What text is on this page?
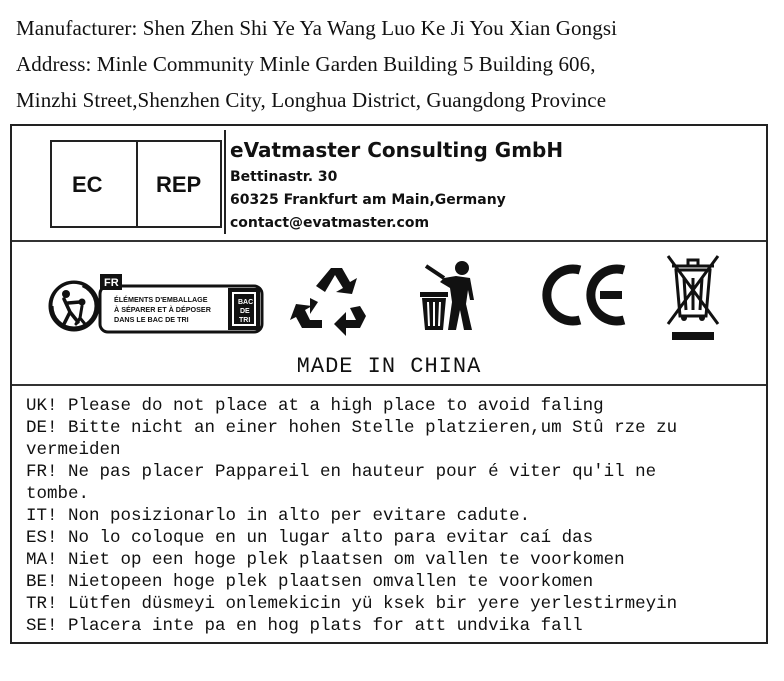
Manufacturer: Shen Zhen Shi Ye Ya Wang Luo Ke Ji You Xian Gongsi
Address: Minle Community Minle Garden Building 5 Building 606,
Minzhi Street,Shenzhen City, Longhua District, Guangdong Province
EC REP
eVatmaster Consulting GmbH
Bettinastr. 30
60325 Frankfurt am Main,Germany
contact@evatmaster.com
FR
ÉLÉMENTS D'EMBALLAGE
À SÉPARER ET À DÉPOSER
DANS LE BAC DE TRI
BAC
DE
TRI
MADE IN CHINA
UK! Please do not place at a high place to avoid faling
DE! Bitte nicht an einer hohen Stelle platzieren,um Stû rze zu
vermeiden
FR! Ne pas placer Pappareil en hauteur pour é viter qu'il ne
tombe.
IT! Non posizionarlo in alto per evitare cadute.
ES! No lo coloque en un lugar alto para evitar caí das
MA! Niet op een hoge plek plaatsen om vallen te voorkomen
BE! Nietopeen hoge plek plaatsen omvallen te voorkomen
TR! Lütfen düsmeyi onlemekicin yü ksek bir yere yerlestirmeyin
SE! Placera inte pa en hog plats for att undvika fall
